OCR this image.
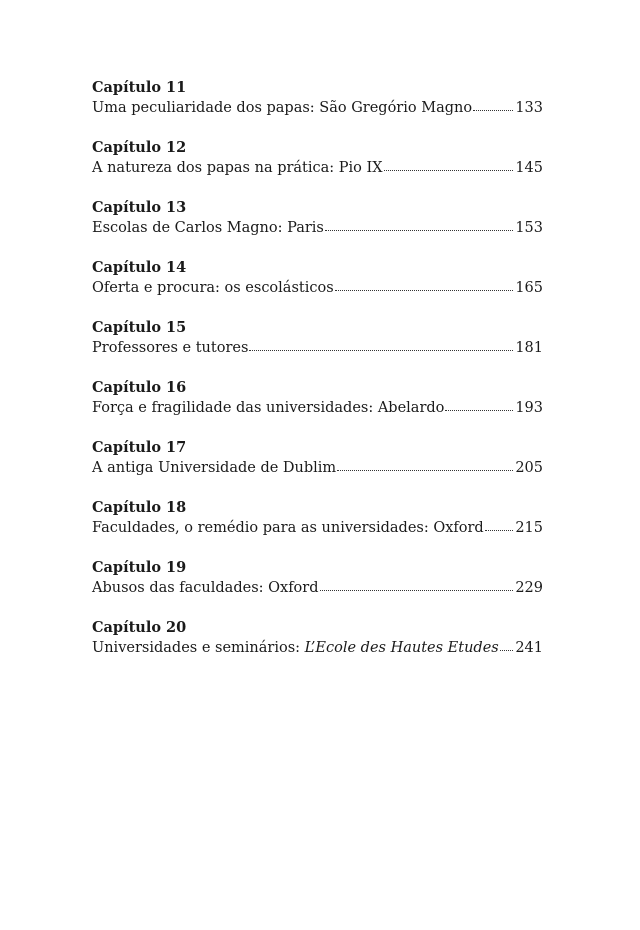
Capítulo 11
Uma peculiaridade dos papas: São Gregório Magno	133
Capítulo 12
A natureza dos papas na prática: Pio IX	145
Capítulo 13
Escolas de Carlos Magno: Paris	153
Capítulo 14
Oferta e procura: os escolásticos	165
Capítulo 15
Professores e tutores	181
Capítulo 16
Força e fragilidade das universidades: Abelardo	193
Capítulo 17
A antiga Universidade de Dublim	205
Capítulo 18
Faculdades, o remédio para as universidades: Oxford 215
Capítulo 19
Abusos das faculdades: Oxford	229
Capítulo 20
Universidades e seminários: L’Ecole des Hautes Etudes 241
